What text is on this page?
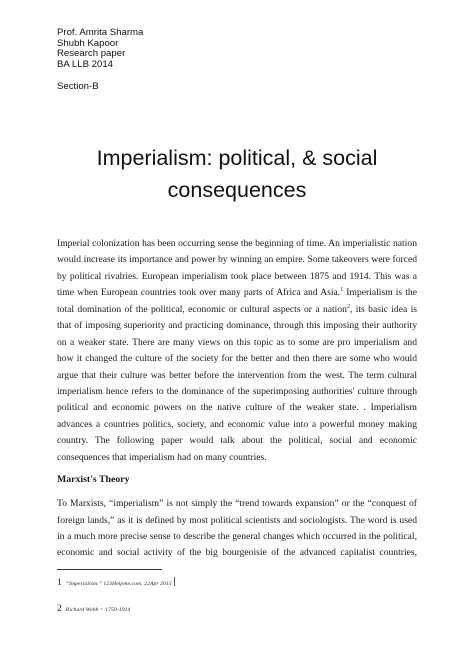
Prof. Amrita Sharma
Shubh Kapoor
Research paper
BA LLB 2014
Section-B
Imperialism: political, & social
consequences
Imperial colonization has been occurring sense the beginning of time. An imperialistic nation
would increase its importance and power by winning an empire. Some takeovers were forced
by political rivalries. European imperialism took place between 1875 and 1914. This was a
time when European countries took over many parts of Africa and Asia.$^1$ Imperialism is the
total domination of the political, economic or cultural aspects or a nation$^2$, its basic idea is
that of imposing superiority and practicing dominance, through this imposing their authority
on a weaker state. There are many views on this topic as to some are pro imperialism and
how it changed the culture of the society for the better and then there are some who would
argue that their culture was better before the intervention from the west. The term cultural
imperialism hence refers to the dominance of the superimposing authorities' culture through
political and economic powers on the native culture of the weaker state. . Imperialism
advances a countries politics, society, and economic value into a powerful money making
country. The following paper would talk about the political, social and economic
consequences that imperialism had on many countries.
Marxist's Theory
To Marxists, “imperialism” is not simply the “trend towards expansion” or the “conquest of
foreign lands,” as it is defined by most political scientists and sociologists. The word is used
in a much more precise sense to describe the general changes which occurred in the political,
economic and social activity of the big bourgeoisie of the advanced capitalist countries,
1 “Imperialism.” 123Helpme.com. 22Apr 2015
2 Richard Webb > 1750-1914
